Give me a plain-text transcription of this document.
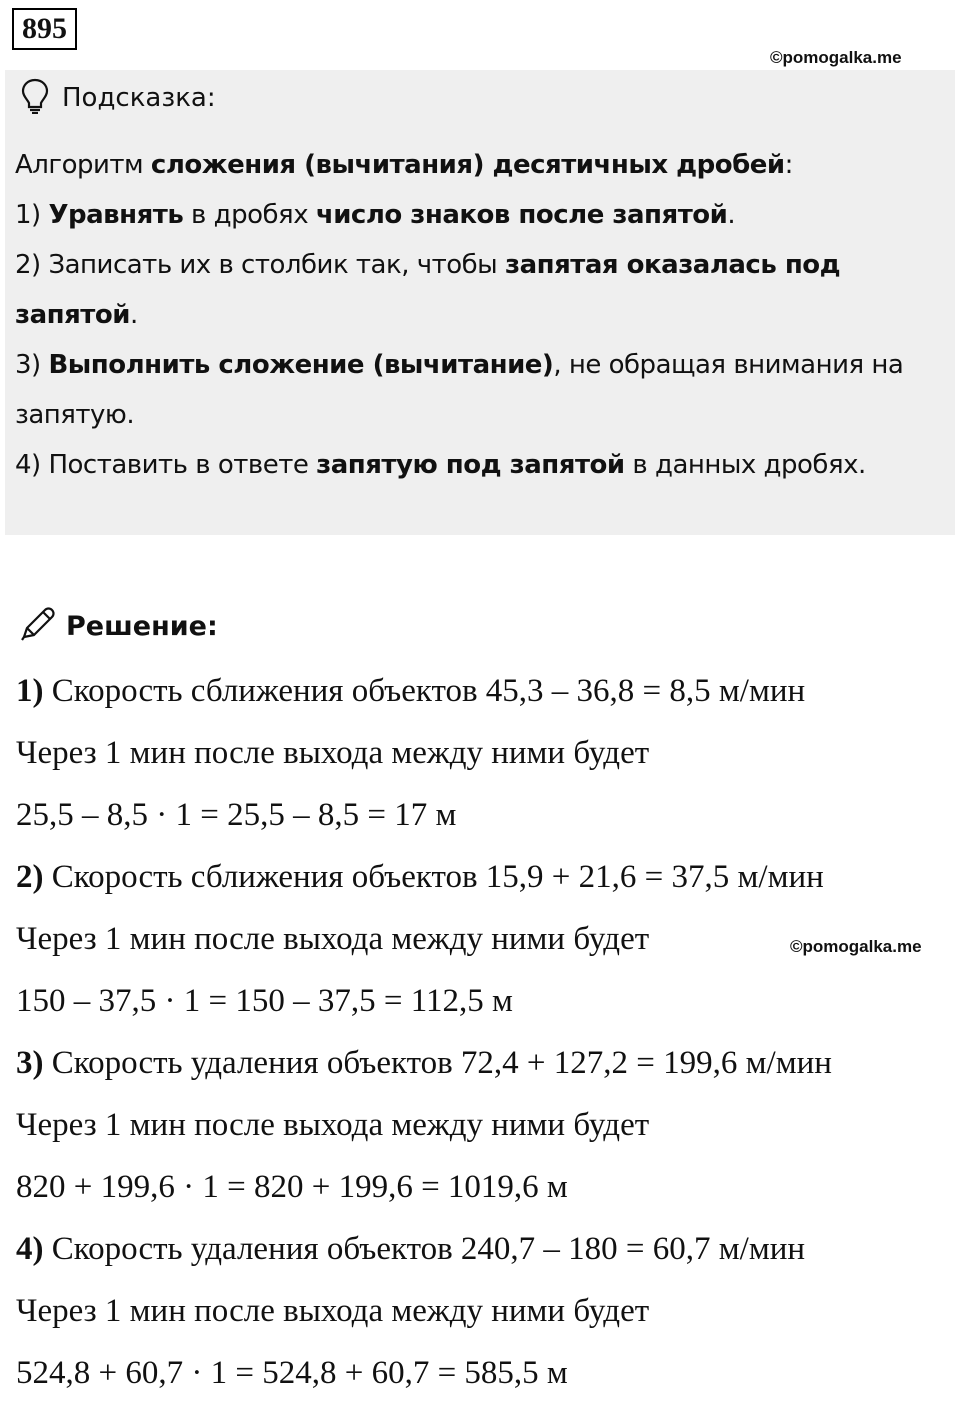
895
©pomogalka.me
Подсказка:

Алгоритм сложения (вычитания) десятичных дробей:

1) Уравнять в дробях число знаков после запятой.

2) Записать их в столбик так, чтобы запятая оказалась под запятой.

3) Выполнить сложение (вычитание), не обращая внимания на запятую.

4) Поставить в ответе запятую под запятой в данных дробях.

Решение:

1) Скорость сближения объектов 45,3 – 36,8 = 8,5 м/мин

Через 1 мин после выхода между ними будет

25,5 – 8,5 · 1 = 25,5 – 8,5 = 17 м

2) Скорость сближения объектов 15,9 + 21,6 = 37,5 м/мин

Через 1 мин после выхода между ними будет

150 – 37,5 · 1 = 150 – 37,5 = 112,5 м

3) Скорость удаления объектов 72,4 + 127,2 = 199,6 м/мин

Через 1 мин после выхода между ними будет

820 + 199,6 · 1 = 820 + 199,6 = 1019,6 м

4) Скорость удаления объектов 240,7 – 180 = 60,7 м/мин

Через 1 мин после выхода между ними будет

524,8 + 60,7 · 1 = 524,8 + 60,7 = 585,5 м

©pomogalka.me
